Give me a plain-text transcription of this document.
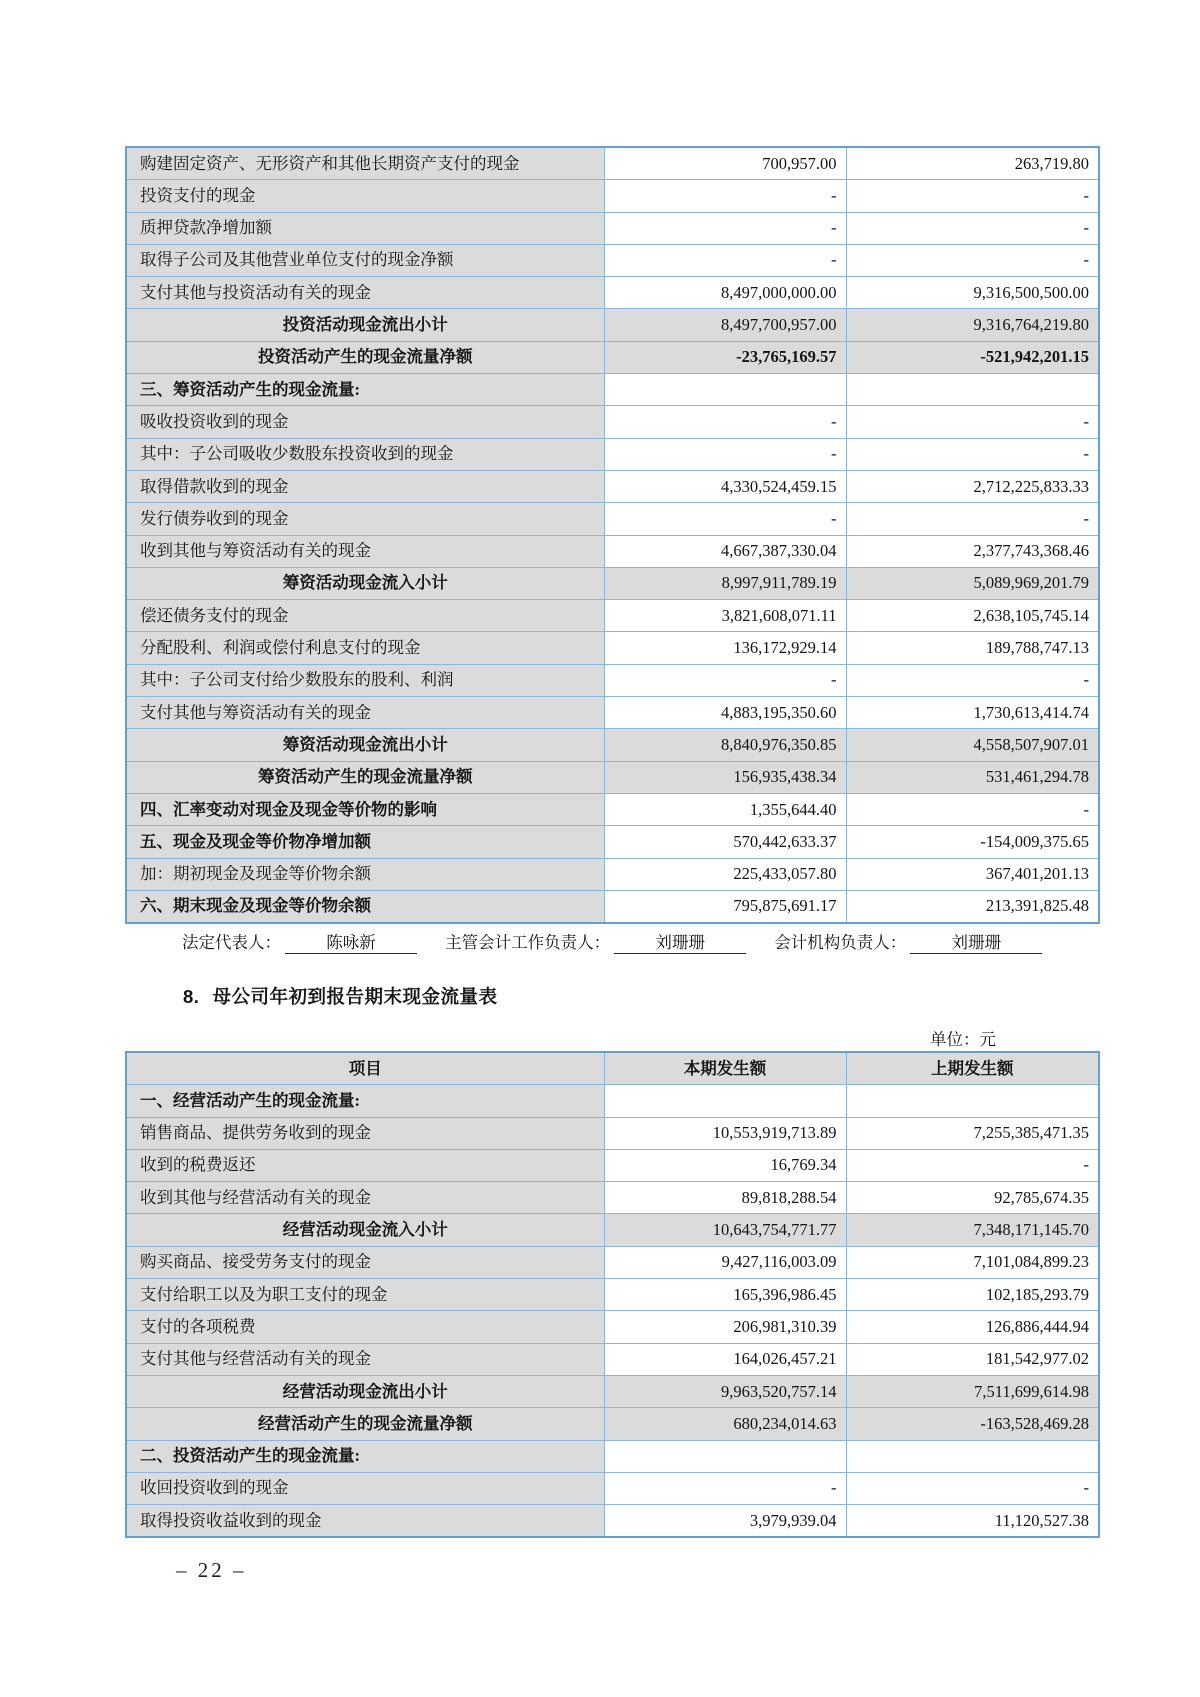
购建固定资产、无形资产和其他长期资产支付的现金	700,957.00	263,719.80
投资支付的现金	-	-
质押贷款净增加额	-	-
取得子公司及其他营业单位支付的现金净额	-	-
支付其他与投资活动有关的现金	8,497,000,000.00	9,316,500,500.00
投资活动现金流出小计	8,497,700,957.00	9,316,764,219.80
投资活动产生的现金流量净额	-23,765,169.57	-521,942,201.15
三、筹资活动产生的现金流量:		
吸收投资收到的现金	-	-
其中：子公司吸收少数股东投资收到的现金	-	-
取得借款收到的现金	4,330,524,459.15	2,712,225,833.33
发行债券收到的现金	-	-
收到其他与筹资活动有关的现金	4,667,387,330.04	2,377,743,368.46
筹资活动现金流入小计	8,997,911,789.19	5,089,969,201.79
偿还债务支付的现金	3,821,608,071.11	2,638,105,745.14
分配股利、利润或偿付利息支付的现金	136,172,929.14	189,788,747.13
其中：子公司支付给少数股东的股利、利润	-	-
支付其他与筹资活动有关的现金	4,883,195,350.60	1,730,613,414.74
筹资活动现金流出小计	8,840,976,350.85	4,558,507,907.01
筹资活动产生的现金流量净额	156,935,438.34	531,461,294.78
四、汇率变动对现金及现金等价物的影响	1,355,644.40	-
五、现金及现金等价物净增加额	570,442,633.37	-154,009,375.65
加：期初现金及现金等价物余额	225,433,057.80	367,401,201.13
六、期末现金及现金等价物余额	795,875,691.17	213,391,825.48
法定代表人：	陈咏新	主管会计工作负责人：	刘珊珊	会计机构负责人：	刘珊珊
8. 母公司年初到报告期末现金流量表
单位：元
项目	本期发生额	上期发生额
一、经营活动产生的现金流量:		
销售商品、提供劳务收到的现金	10,553,919,713.89	7,255,385,471.35
收到的税费返还	16,769.34	-
收到其他与经营活动有关的现金	89,818,288.54	92,785,674.35
经营活动现金流入小计	10,643,754,771.77	7,348,171,145.70
购买商品、接受劳务支付的现金	9,427,116,003.09	7,101,084,899.23
支付给职工以及为职工支付的现金	165,396,986.45	102,185,293.79
支付的各项税费	206,981,310.39	126,886,444.94
支付其他与经营活动有关的现金	164,026,457.21	181,542,977.02
经营活动现金流出小计	9,963,520,757.14	7,511,699,614.98
经营活动产生的现金流量净额	680,234,014.63	-163,528,469.28
二、投资活动产生的现金流量:		
收回投资收到的现金	-	-
取得投资收益收到的现金	3,979,939.04	11,120,527.38
– 22 –
